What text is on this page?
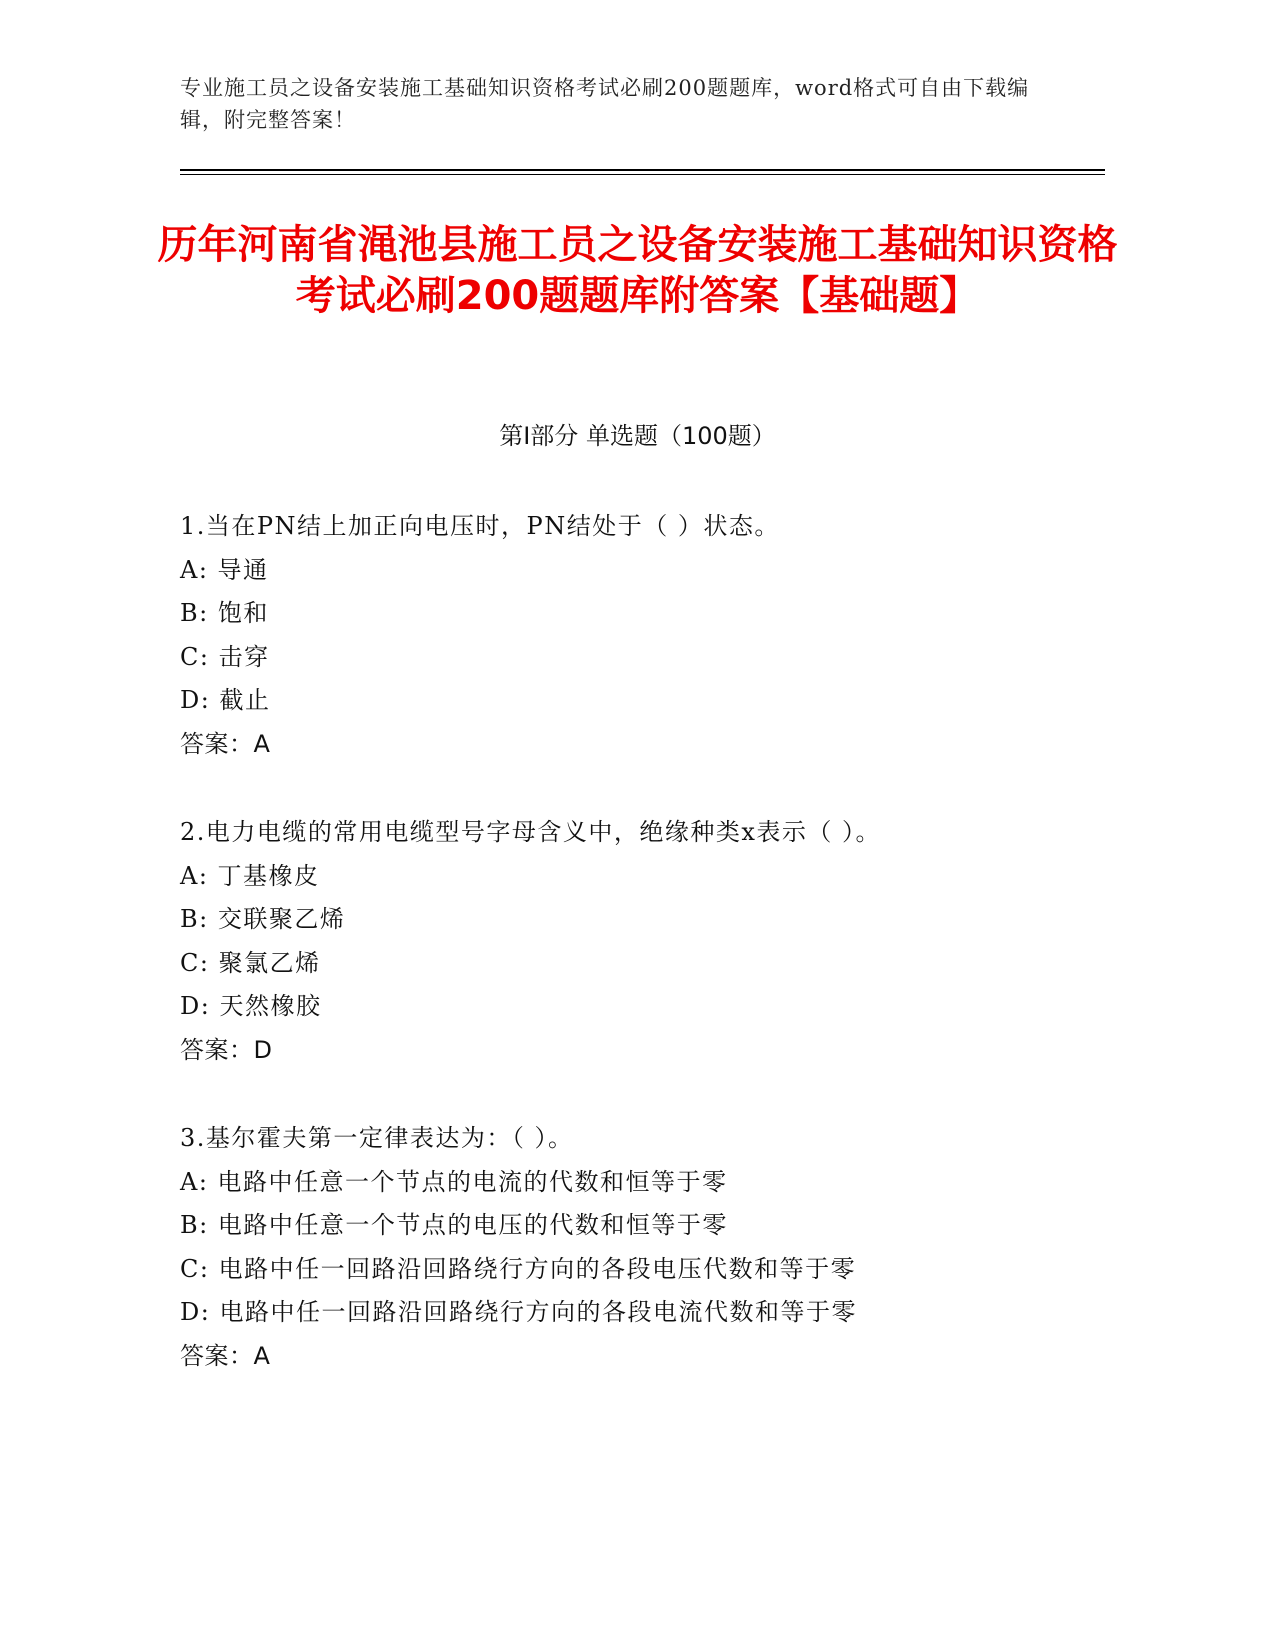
专业施工员之设备安装施工基础知识资格考试必刷200题题库，word格式可自由下载编辑，附完整答案！
历年河南省渑池县施工员之设备安装施工基础知识资格考试必刷200题题库附答案【基础题】
第Ⅰ部分 单选题（100题）
1.当在PN结上加正向电压时，PN结处于（ ）状态。
A: 导通
B: 饱和
C: 击穿
D: 截止
答案：A
2.电力电缆的常用电缆型号字母含义中，绝缘种类x表示（ ）。
A: 丁基橡皮
B: 交联聚乙烯
C: 聚氯乙烯
D: 天然橡胶
答案：D
3.基尔霍夫第一定律表达为：（ ）。
A: 电路中任意一个节点的电流的代数和恒等于零
B: 电路中任意一个节点的电压的代数和恒等于零
C: 电路中任一回路沿回路绕行方向的各段电压代数和等于零
D: 电路中任一回路沿回路绕行方向的各段电流代数和等于零
答案：A
